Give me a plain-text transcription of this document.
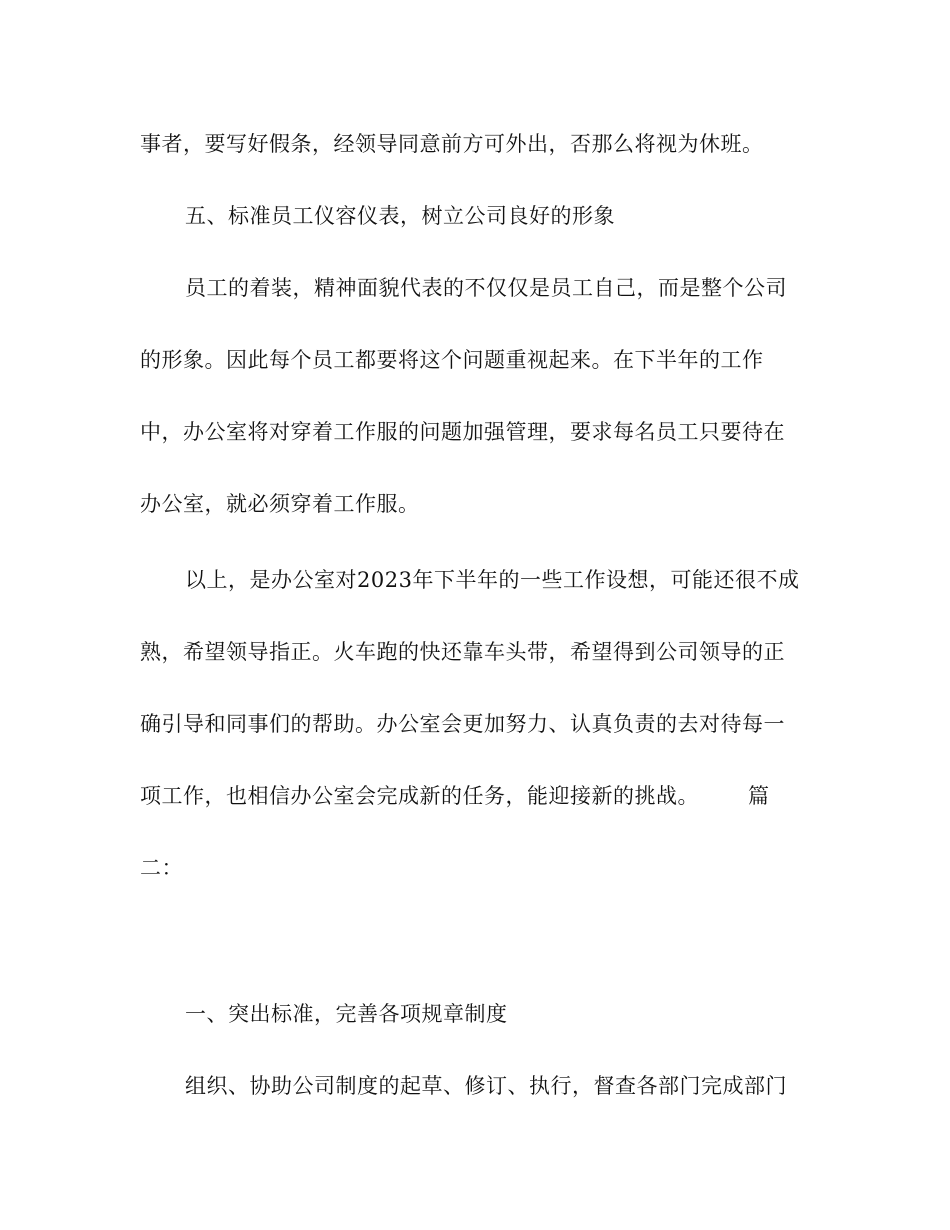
事者，要写好假条，经领导同意前方可外出，否那么将视为休班。
五、标准员工仪容仪表，树立公司良好的形象
员工的着装，精神面貌代表的不仅仅是员工自己，而是整个公司
的形象。因此每个员工都要将这个问题重视起来。在下半年的工作
中，办公室将对穿着工作服的问题加强管理，要求每名员工只要待在
办公室，就必须穿着工作服。
以上，是办公室对2023年下半年的一些工作设想，可能还很不成
熟，希望领导指正。火车跑的快还靠车头带，希望得到公司领导的正
确引导和同事们的帮助。办公室会更加努力、认真负责的去对待每一
项工作，也相信办公室会完成新的任务，能迎接新的挑战。 篇
二：
一、突出标准，完善各项规章制度
组织、协助公司制度的起草、修订、执行，督查各部门完成部门
